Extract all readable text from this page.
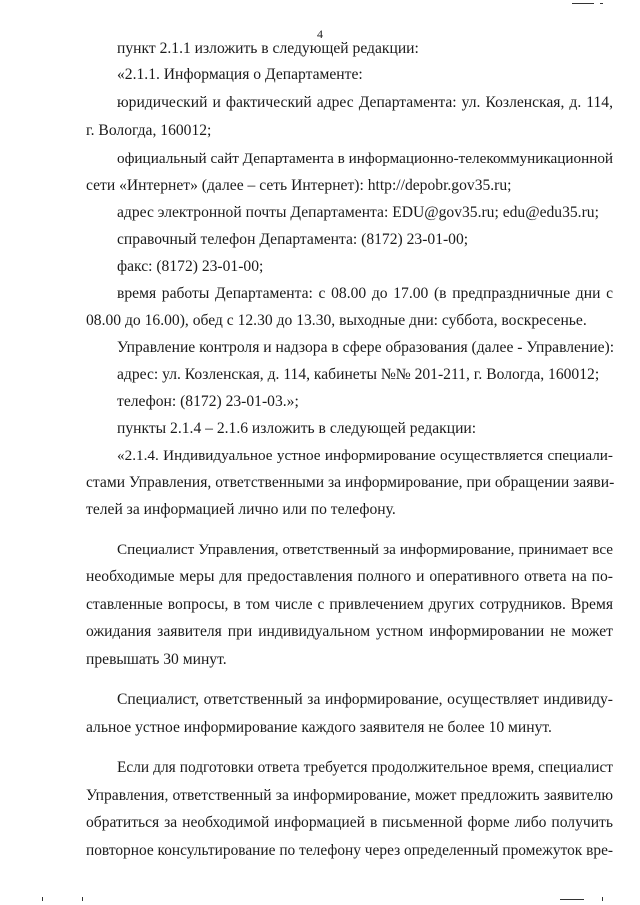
4
пункт 2.1.1 изложить в следующей редакции:
«2.1.1. Информация о Департаменте:
юридический и фактический адрес Департамента: ул. Козленская, д. 114,
г. Вологда, 160012;
официальный сайт Департамента в информационно-телекоммуникационной
сети «Интернет» (далее – сеть Интернет): http://depobr.gov35.ru;
адрес электронной почты Департамента: EDU@gov35.ru; edu@edu35.ru;
справочный телефон Департамента: (8172) 23-01-00;
факс: (8172) 23-01-00;
время работы Департамента: с 08.00 до 17.00 (в предпраздничные дни с
08.00 до 16.00), обед с 12.30 до 13.30, выходные дни: суббота, воскресенье.
Управление контроля и надзора в сфере образования (далее - Управление):
адрес: ул. Козленская, д. 114, кабинеты №№ 201-211, г. Вологда, 160012;
телефон: (8172) 23-01-03.»;
пункты 2.1.4 – 2.1.6 изложить в следующей редакции:
«2.1.4. Индивидуальное устное информирование осуществляется специали-
стами Управления, ответственными за информирование, при обращении заяви-
телей за информацией лично или по телефону.
Специалист Управления, ответственный за информирование, принимает все
необходимые меры для предоставления полного и оперативного ответа на по-
ставленные вопросы, в том числе с привлечением других сотрудников. Время
ожидания заявителя при индивидуальном устном информировании не может
превышать 30 минут.
Специалист, ответственный за информирование, осуществляет индивиду-
альное устное информирование каждого заявителя не более 10 минут.
Если для подготовки ответа требуется продолжительное время, специалист
Управления, ответственный за информирование, может предложить заявителю
обратиться за необходимой информацией в письменной форме либо получить
повторное консультирование по телефону через определенный промежуток вре-
